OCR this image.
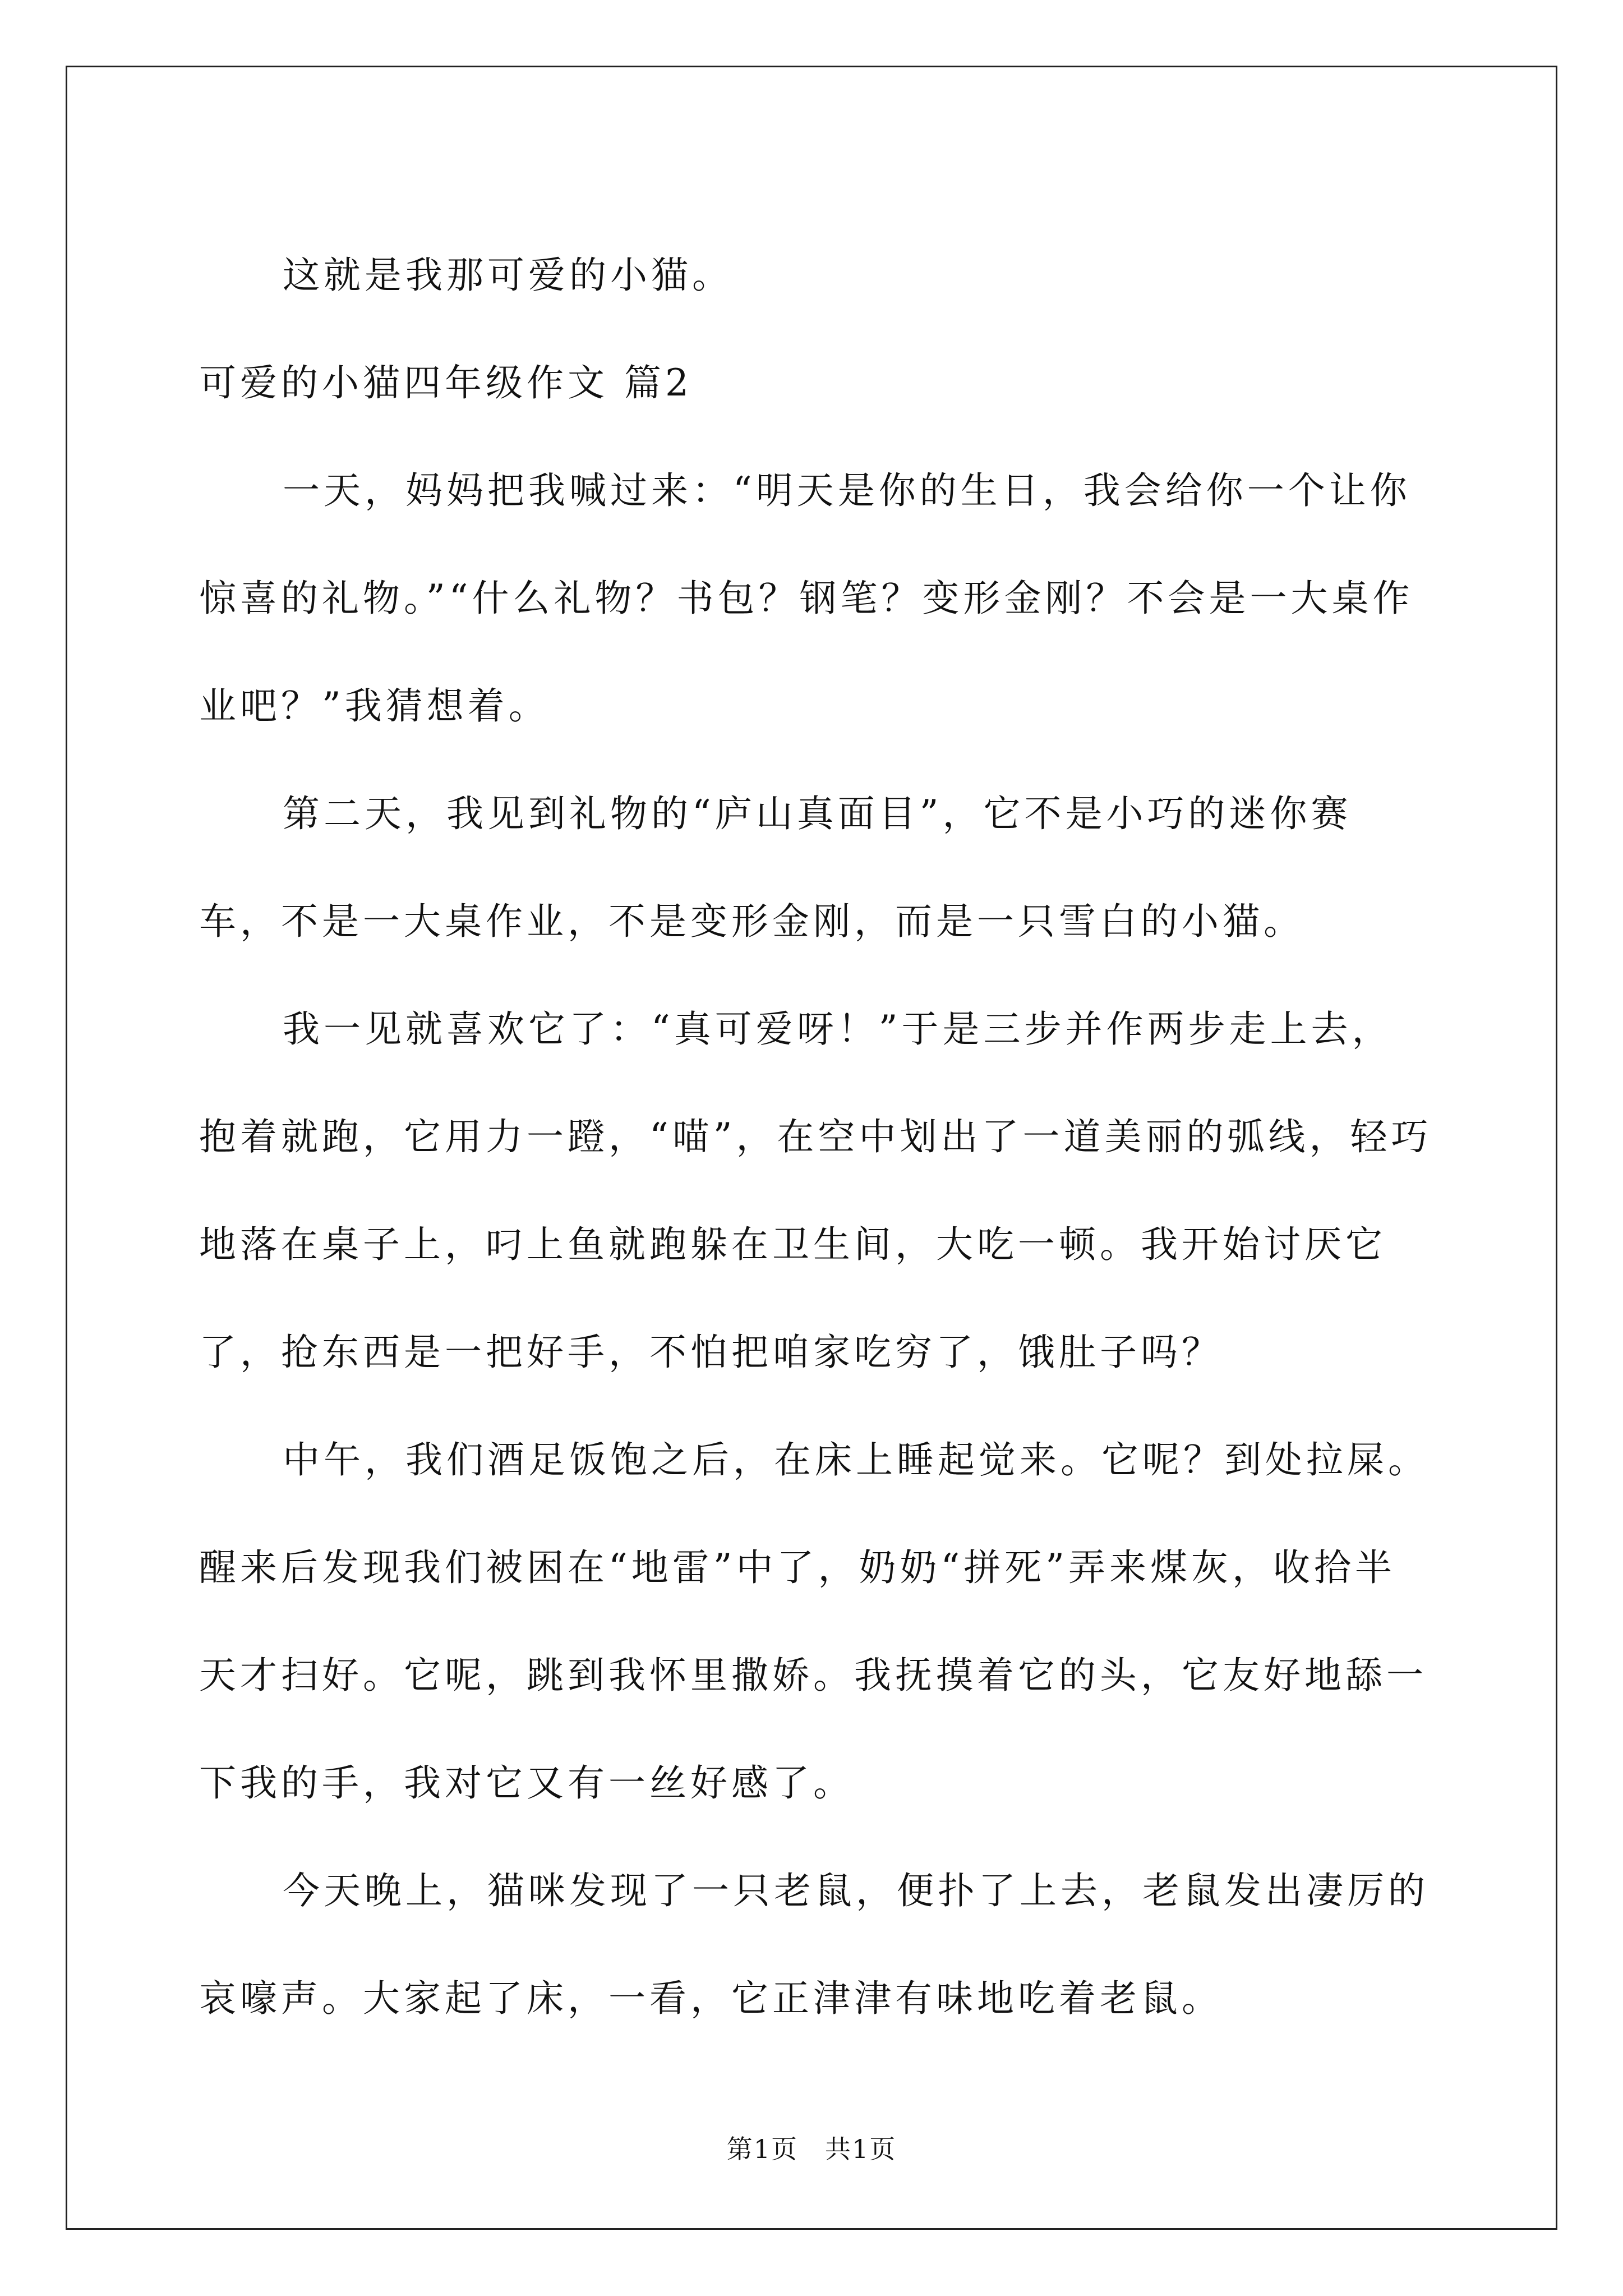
这就是我那可爱的小猫。

可爱的小猫四年级作文 篇2

一天，妈妈把我喊过来：“明天是你的生日，我会给你一个让你惊喜的礼物。”“什么礼物？书包？钢笔？变形金刚？不会是一大桌作业吧？”我猜想着。

第二天，我见到礼物的“庐山真面目”，它不是小巧的迷你赛车，不是一大桌作业，不是变形金刚，而是一只雪白的小猫。

我一见就喜欢它了：“真可爱呀！”于是三步并作两步走上去，抱着就跑，它用力一蹬，“喵”，在空中划出了一道美丽的弧线，轻巧地落在桌子上，叼上鱼就跑躲在卫生间，大吃一顿。我开始讨厌它了，抢东西是一把好手，不怕把咱家吃穷了，饿肚子吗？

中午，我们酒足饭饱之后，在床上睡起觉来。它呢？到处拉屎。醒来后发现我们被困在“地雷”中了，奶奶“拼死”弄来煤灰，收拾半天才扫好。它呢，跳到我怀里撒娇。我抚摸着它的头，它友好地舔一下我的手，我对它又有一丝好感了。

今天晚上，猫咪发现了一只老鼠，便扑了上去，老鼠发出凄厉的哀嚎声。大家起了床，一看，它正津津有味地吃着老鼠。

第1页　共1页
